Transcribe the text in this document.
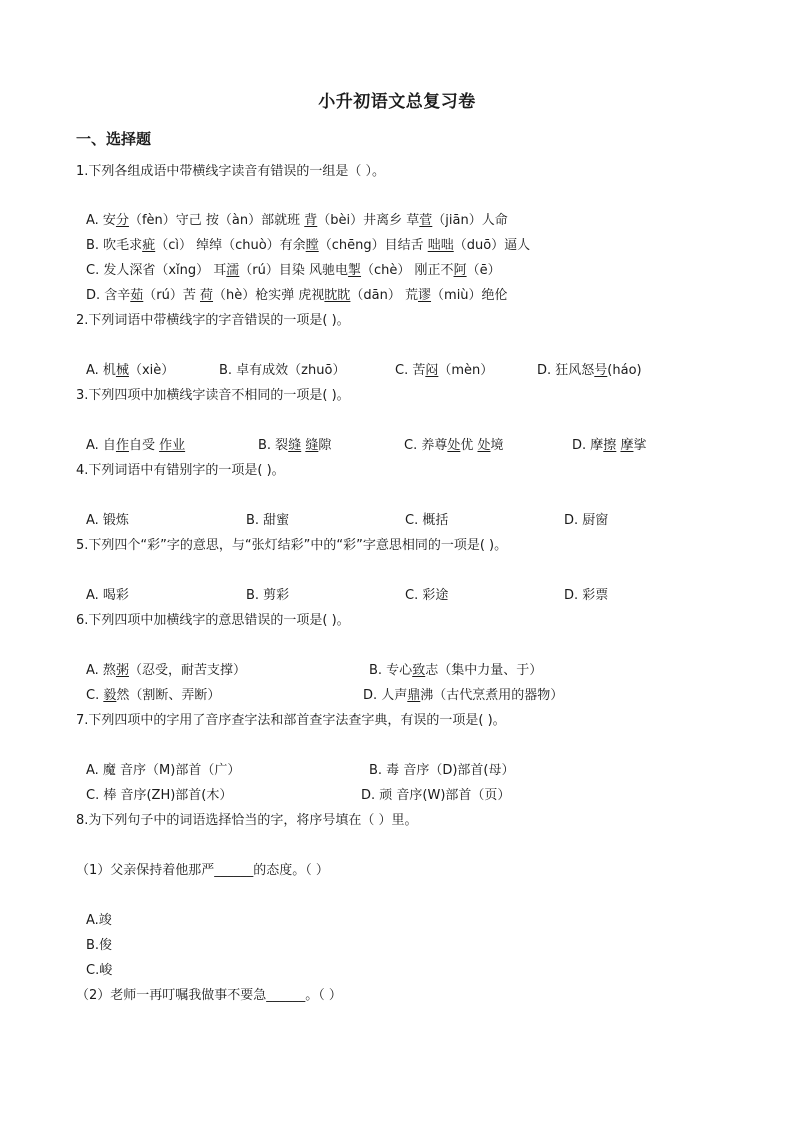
小升初语文总复习卷
一、选择题
1.下列各组成语中带横线字读音有错误的一组是（ ）。
A. 安分（fèn）守己 按（àn）部就班 背（bèi）井离乡 草菅（jiān）人命
B. 吹毛求疵（cì） 绰绰（chuò）有余瞠（chēng）目结舌 咄咄（duō）逼人
C. 发人深省（xǐng） 耳濡（rú）目染 风驰电掣（chè） 刚正不阿（ē）
D. 含辛茹（rú）苦 荷（hè）枪实弹 虎视眈眈（dān） 荒谬（miù）绝伦
2.下列词语中带横线字的字音错误的一项是( )。
A. 机械（xiè）	B. 卓有成效（zhuō）	C. 苦闷（mèn）	D. 狂风怒号(háo)
3.下列四项中加横线字读音不相同的一项是( )。
A. 自作自受 作业	B. 裂缝 缝隙	C. 养尊处优 处境	D. 摩擦 摩挲
4.下列词语中有错别字的一项是( )。
A. 锻炼	B. 甜蜜	C. 概括	D. 厨窗
5.下列四个“彩”字的意思，与“张灯结彩”中的“彩”字意思相同的一项是( )。
A. 喝彩	B. 剪彩	C. 彩途	D. 彩票
6.下列四项中加横线字的意思错误的一项是( )。
A. 熬粥（忍受，耐苦支撑）	B. 专心致志（集中力量、于）
C. 毅然（割断、弄断）	D. 人声鼎沸（古代烹煮用的器物）
7.下列四项中的字用了音序查字法和部首查字法查字典，有误的一项是( )。
A. 魔 音序（M)部首（广）	B. 毒 音序（D)部首(母）
C. 棒 音序(ZH)部首(木）	D. 顽 音序(W)部首（页）
8.为下列句子中的词语选择恰当的字，将序号填在（ ）里。
（1）父亲保持着他那严______的态度。（ ）
A.竣
B.俊
C.峻
（2）老师一再叮嘱我做事不要急______。（ ）
